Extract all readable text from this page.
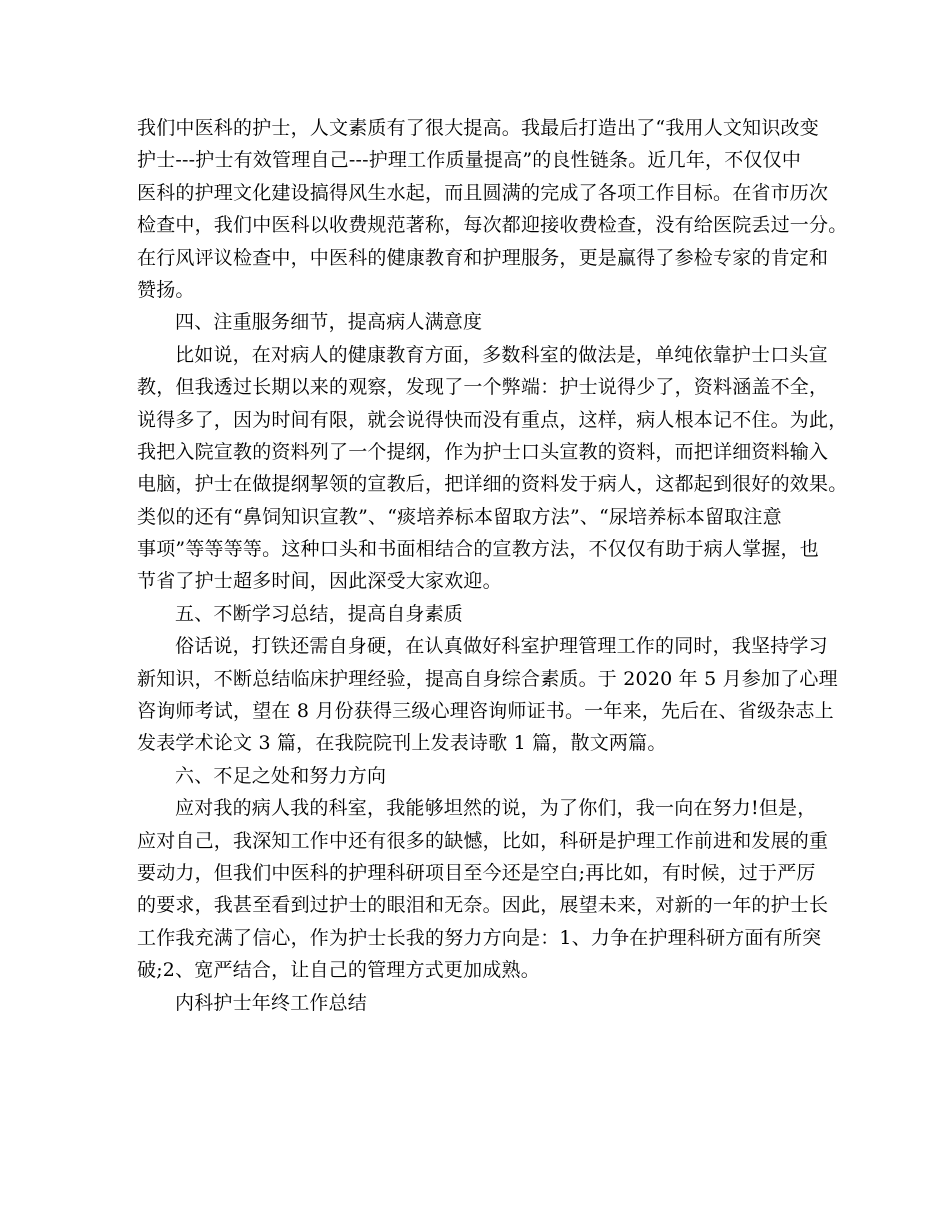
我们中医科的护士，人文素质有了很大提高。我最后打造出了“我用人文知识改变
护士---护士有效管理自己---护理工作质量提高”的良性链条。近几年，不仅仅中
医科的护理文化建设搞得风生水起，而且圆满的完成了各项工作目标。在省市历次
检查中，我们中医科以收费规范著称，每次都迎接收费检查，没有给医院丢过一分。
在行风评议检查中，中医科的健康教育和护理服务，更是赢得了参检专家的肯定和
赞扬。
四、注重服务细节，提高病人满意度
比如说，在对病人的健康教育方面，多数科室的做法是，单纯依靠护士口头宣
教，但我透过长期以来的观察，发现了一个弊端：护士说得少了，资料涵盖不全，
说得多了，因为时间有限，就会说得快而没有重点，这样，病人根本记不住。为此，
我把入院宣教的资料列了一个提纲，作为护士口头宣教的资料，而把详细资料输入
电脑，护士在做提纲挈领的宣教后，把详细的资料发于病人，这都起到很好的效果。
类似的还有“鼻饲知识宣教”、“痰培养标本留取方法”、“尿培养标本留取注意
事项”等等等等。这种口头和书面相结合的宣教方法，不仅仅有助于病人掌握，也
节省了护士超多时间，因此深受大家欢迎。
五、不断学习总结，提高自身素质
俗话说，打铁还需自身硬，在认真做好科室护理管理工作的同时，我坚持学习
新知识，不断总结临床护理经验，提高自身综合素质。于 2020 年 5 月参加了心理
咨询师考试，望在 8 月份获得三级心理咨询师证书。一年来，先后在、省级杂志上
发表学术论文 3 篇，在我院院刊上发表诗歌 1 篇，散文两篇。
六、不足之处和努力方向
应对我的病人我的科室，我能够坦然的说，为了你们，我一向在努力!但是，
应对自己，我深知工作中还有很多的缺憾，比如，科研是护理工作前进和发展的重
要动力，但我们中医科的护理科研项目至今还是空白;再比如，有时候，过于严厉
的要求，我甚至看到过护士的眼泪和无奈。因此，展望未来，对新的一年的护士长
工作我充满了信心，作为护士长我的努力方向是：1、力争在护理科研方面有所突
破;2、宽严结合，让自己的管理方式更加成熟。
内科护士年终工作总结
